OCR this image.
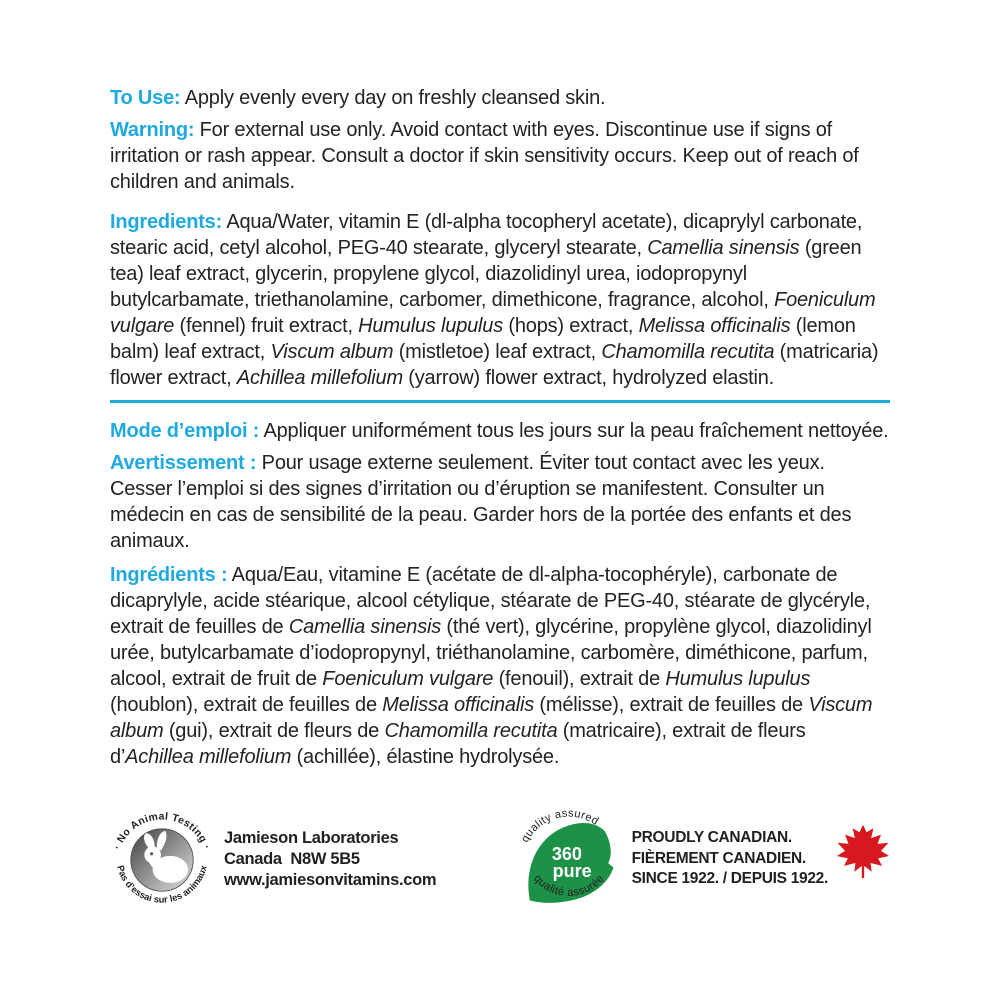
To Use: Apply evenly every day on freshly cleansed skin.

Warning: For external use only. Avoid contact with eyes. Discontinue use if signs of irritation or rash appear. Consult a doctor if skin sensitivity occurs. Keep out of reach of children and animals.

Ingredients: Aqua/Water, vitamin E (dl-alpha tocopheryl acetate), dicaprylyl carbonate, stearic acid, cetyl alcohol, PEG-40 stearate, glyceryl stearate, Camellia sinensis (green tea) leaf extract, glycerin, propylene glycol, diazolidinyl urea, iodopropynyl butylcarbamate, triethanolamine, carbomer, dimethicone, fragrance, alcohol, Foeniculum vulgare (fennel) fruit extract, Humulus lupulus (hops) extract, Melissa officinalis (lemon balm) leaf extract, Viscum album (mistletoe) leaf extract, Chamomilla recutita (matricaria) flower extract, Achillea millefolium (yarrow) flower extract, hydrolyzed elastin.

Mode d’emploi : Appliquer uniformément tous les jours sur la peau fraîchement nettoyée.

Avertissement : Pour usage externe seulement. Éviter tout contact avec les yeux. Cesser l’emploi si des signes d’irritation ou d’éruption se manifestent. Consulter un médecin en cas de sensibilité de la peau. Garder hors de la portée des enfants et des animaux.

Ingrédients : Aqua/Eau, vitamine E (acétate de dl-alpha-tocophéryle), carbonate de dicaprylyle, acide stéarique, alcool cétylique, stéarate de PEG-40, stéarate de glycéryle, extrait de feuilles de Camellia sinensis (thé vert), glycérine, propylène glycol, diazolidinyl urée, butylcarbamate d’iodopropynyl, triéthanolamine, carbomère, diméthicone, parfum, alcool, extrait de fruit de Foeniculum vulgare (fenouil), extrait de Humulus lupulus (houblon), extrait de feuilles de Melissa officinalis (mélisse), extrait de feuilles de Viscum album (gui), extrait de fleurs de Chamomilla recutita (matricaire), extrait de fleurs d’Achillea millefolium (achillée), élastine hydrolysée.

· No Animal Testing ·
Pas d’essai sur les animaux
Jamieson Laboratories
Canada  N8W 5B5
www.jamiesonvitamins.com
360
pure
quality assured
qualité assurée
PROUDLY CANADIAN.
FIÈREMENT CANADIEN.
SINCE 1922. / DEPUIS 1922.
